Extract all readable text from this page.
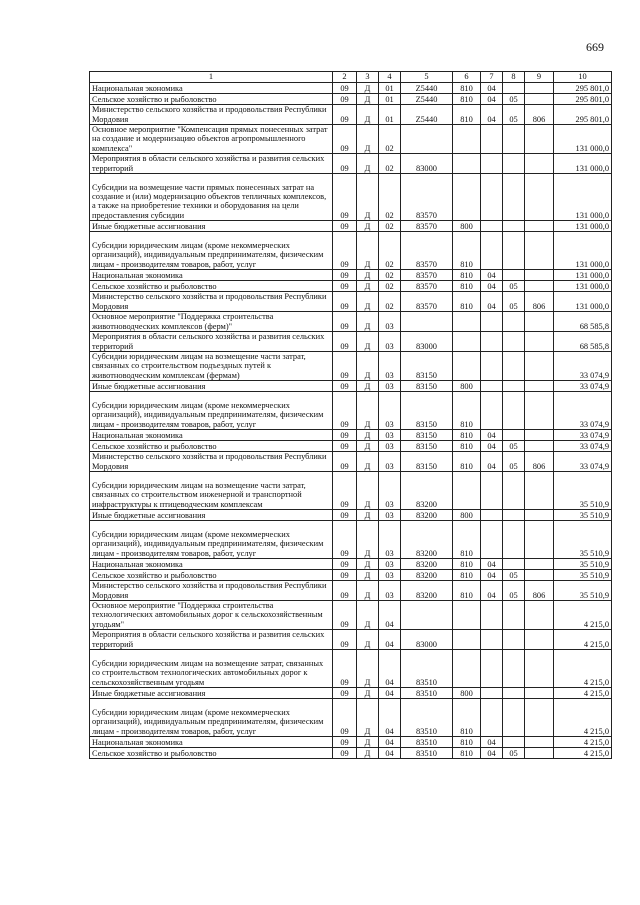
669
1	2	3	4	5	6	7	8	9	10
Национальная экономика	09	Д	01	Z5440	810	04			295 801,0
Сельское хозяйство и рыболовство	09	Д	01	Z5440	810	04	05		295 801,0
Министерство сельского хозяйства и продовольствия Республики Мордовия	09	Д	01	Z5440	810	04	05	806	295 801,0
Основное мероприятие "Компенсация прямых понесенных затрат на создание и модернизацию объектов агропромышленного комплекса"	09	Д	02						131 000,0
Мероприятия в области сельского хозяйства и развития сельских территорий	09	Д	02	83000					131 000,0
Субсидии на возмещение части прямых понесенных затрат на создание и (или) модернизацию объектов тепличных комплексов, а также на приобретение техники и оборудования на цели предоставления субсидии	09	Д	02	83570					131 000,0
Иные бюджетные ассигнования	09	Д	02	83570	800				131 000,0
Субсидии юридическим лицам (кроме некоммерческих организаций), индивидуальным предпринимателям, физическим лицам - производителям товаров, работ, услуг	09	Д	02	83570	810				131 000,0
Национальная экономика	09	Д	02	83570	810	04			131 000,0
Сельское хозяйство и рыболовство	09	Д	02	83570	810	04	05		131 000,0
Министерство сельского хозяйства и продовольствия Республики Мордовия	09	Д	02	83570	810	04	05	806	131 000,0
Основное мероприятие "Поддержка строительства животноводческих комплексов (ферм)"	09	Д	03						68 585,8
Мероприятия в области сельского хозяйства и развития сельских территорий	09	Д	03	83000					68 585,8
Субсидии юридическим лицам на возмещение части затрат, связанных со строительством подъездных путей к животноводческим комплексам (фермам)	09	Д	03	83150					33 074,9
Иные бюджетные ассигнования	09	Д	03	83150	800				33 074,9
Субсидии юридическим лицам (кроме некоммерческих организаций), индивидуальным предпринимателям, физическим лицам - производителям товаров, работ, услуг	09	Д	03	83150	810				33 074,9
Национальная экономика	09	Д	03	83150	810	04			33 074,9
Сельское хозяйство и рыболовство	09	Д	03	83150	810	04	05		33 074,9
Министерство сельского хозяйства и продовольствия Республики Мордовия	09	Д	03	83150	810	04	05	806	33 074,9
Субсидии юридическим лицам на возмещение части затрат, связанных со строительством инженерной и транспортной инфраструктуры к птицеводческим комплексам	09	Д	03	83200					35 510,9
Иные бюджетные ассигнования	09	Д	03	83200	800				35 510,9
Субсидии юридическим лицам (кроме некоммерческих организаций), индивидуальным предпринимателям, физическим лицам - производителям товаров, работ, услуг	09	Д	03	83200	810				35 510,9
Национальная экономика	09	Д	03	83200	810	04			35 510,9
Сельское хозяйство и рыболовство	09	Д	03	83200	810	04	05		35 510,9
Министерство сельского хозяйства и продовольствия Республики Мордовия	09	Д	03	83200	810	04	05	806	35 510,9
Основное мероприятие "Поддержка строительства технологических автомобильных дорог к сельскохозяйственным угодьям"	09	Д	04						4 215,0
Мероприятия в области сельского хозяйства и развития сельских территорий	09	Д	04	83000					4 215,0
Субсидии юридическим лицам на возмещение затрат, связанных со строительством технологических автомобильных дорог к сельскохозяйственным угодьям	09	Д	04	83510					4 215,0
Иные бюджетные ассигнования	09	Д	04	83510	800				4 215,0
Субсидии юридическим лицам (кроме некоммерческих организаций), индивидуальным предпринимателям, физическим лицам - производителям товаров, работ, услуг	09	Д	04	83510	810				4 215,0
Национальная экономика	09	Д	04	83510	810	04			4 215,0
Сельское хозяйство и рыболовство	09	Д	04	83510	810	04	05		4 215,0
